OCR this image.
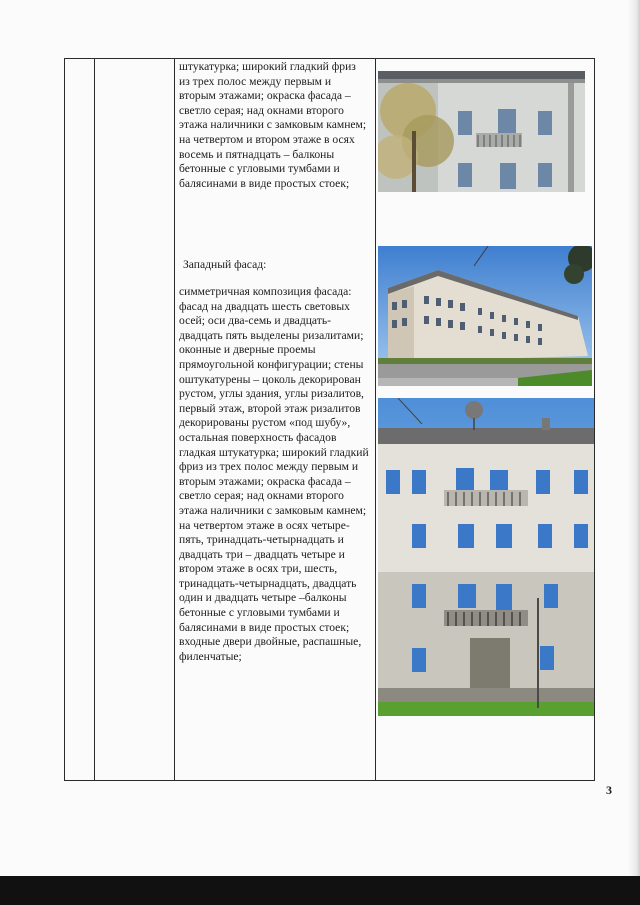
штукатурка; широкий гладкий фриз из трех полос между первым и вторым этажами; окраска фасада – светло серая; над окнами второго этажа наличники с замковым камнем; на четвертом и втором этаже в осях восемь и пятнадцать – балконы бетонные с угловыми тумбами и балясинами в виде простых стоек;

Западный фасад:

симметричная композиция фасада: фасад на двадцать шесть световых осей; оси два-семь и двадцать-двадцать пять выделены ризалитами; оконные и дверные проемы прямоугольной конфигурации; стены оштукатурены – цоколь декорирован рустом, углы здания, углы ризалитов, первый этаж, второй этаж ризалитов декорированы рустом «под шубу», остальная поверхность фасадов гладкая штукатурка; широкий гладкий фриз из трех полос между первым и вторым этажами; окраска фасада – светло серая; над окнами второго этажа наличники с замковым камнем; на четвертом этаже в осях четыре-пять, тринадцать-четырнадцать и двадцать три – двадцать четыре и втором этаже в осях три, шесть, тринадцать-четырнадцать, двадцать один и двадцать четыре –балконы бетонные с угловыми тумбами и балясинами в виде простых стоек; входные двери двойные, распашные, филенчатые;

3
